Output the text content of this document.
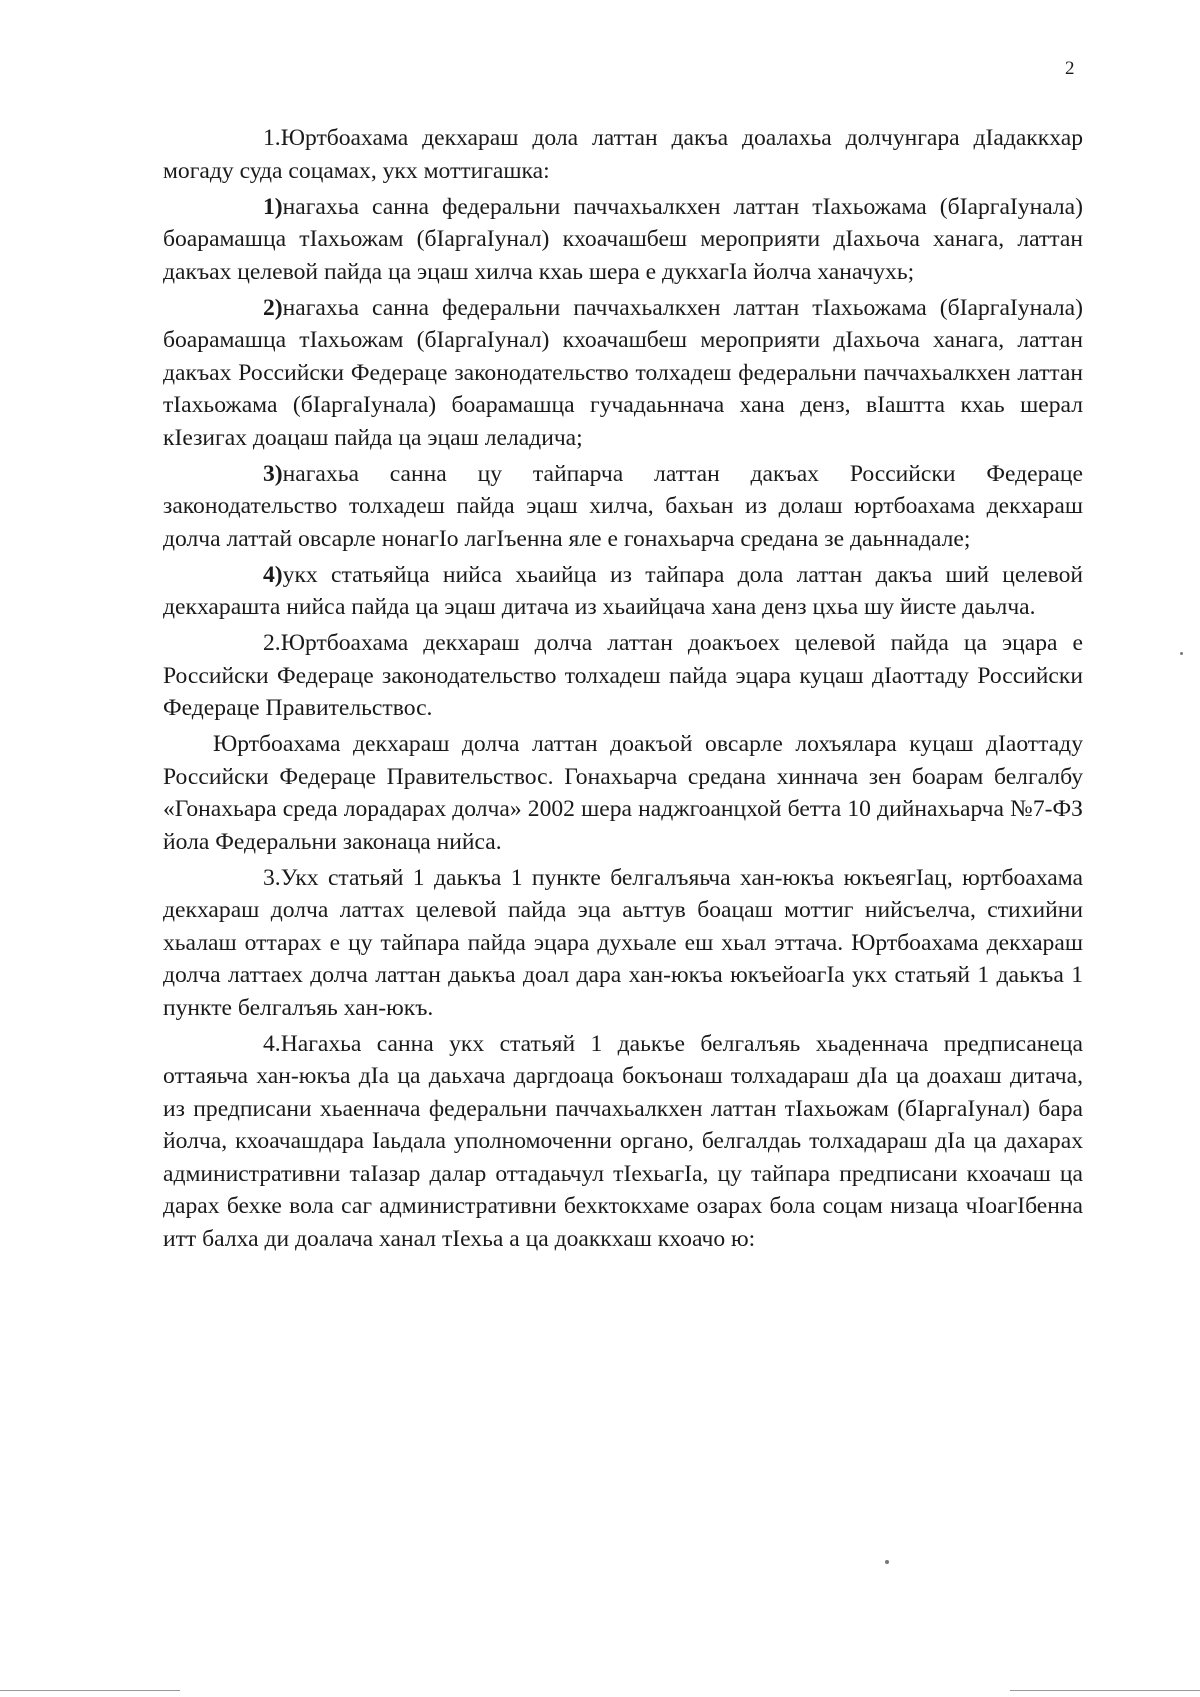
2

1.Юртбоахама декхараш дола латтан дакъа доалахьа долчунгара дIадаккхар могаду суда соцамах, укх моттигашка:

1)нагахьа санна федеральни паччахьалкхен латтан тIахьожама (бIаргаIунала) боарамашца тIахьожам (бIаргаIунал) кхоачашбеш мероприяти дIахьоча ханага, латтан дакъах целевой пайда ца эцаш хилча кхаь шера е дукхагIа йолча ханачухь;

2)нагахьа санна федеральни паччахьалкхен латтан тIахьожама (бIаргаIунала) боарамашца тIахьожам (бIаргаIунал) кхоачашбеш мероприяти дIахьоча ханага, латтан дакъах Российски Федераце законодательство толхадеш федеральни паччахьалкхен латтан тIахьожама (бIаргаIунала) боарамашца гучадаьннача хана денз, вIаштта кхаь шерал кIезигах доацаш пайда ца эцаш леладича;

3)нагахьа санна цу тайпарча латтан дакъах Российски Федераце законодательство толхадеш пайда эцаш хилча, бахьан из долаш юртбоахама декхараш долча латтай овсарле нонагIо лагIъенна яле е гонахьарча средана зе даьннадале;

4)укх статьяйца нийса хьаийца из тайпара дола латтан дакъа ший целевой декхарашта нийса пайда ца эцаш дитача из хьаийцача хана денз цхьа шу йисте даьлча.

2.Юртбоахама декхараш долча латтан доакъоех целевой пайда ца эцара е Российски Федераце законодательство толхадеш пайда эцара куцаш дIаоттаду Российски Федераце Правительствос.

Юртбоахама декхараш долча латтан доакъой овсарле лохъялара куцаш дIаоттаду Российски Федераце Правительствос. Гонахьарча средана хиннача зен боарам белгалбу «Гонахьара среда лорадарах долча» 2002 шера наджгоанцхой бетта 10 дийнахьарча №7-ФЗ йола Федеральни законаца нийса.

3.Укх статьяй 1 даькъа 1 пункте белгалъяьча хан-юкъа юкъеягIац, юртбоахама декхараш долча латтах целевой пайда эца аьттув боацаш моттиг нийсъелча, стихийни хьалаш оттарах е цу тайпара пайда эцара духьале еш хьал эттача. Юртбоахама декхараш долча латтаех долча латтан даькъа доал дара хан-юкъа юкъейоагIа укх статьяй 1 даькъа 1 пункте белгалъяь хан-юкъ.

4.Нагахьа санна укх статьяй 1 даькъе белгалъяь хьаденнача предписанеца оттаяьча хан-юкъа дIа ца даьхача даргдоаца бокъонаш толхадараш дIа ца доахаш дитача, из предписани хьаеннача федеральни паччахьалкхен латтан тIахьожам (бIаргаIунал) бара йолча, кхоачашдара Iаьдала уполномоченни органо, белгалдаь толхадараш дIа ца дахарах административни таIазар далар оттадаьчул тIехьагIа, цу тайпара предписани кхоачаш ца дарах бехке вола саг административни бехктокхаме озарах бола соцам низаца чIоагIбенна итт балха ди доалача ханал тIехьа а ца доаккхаш кхоачо ю:
